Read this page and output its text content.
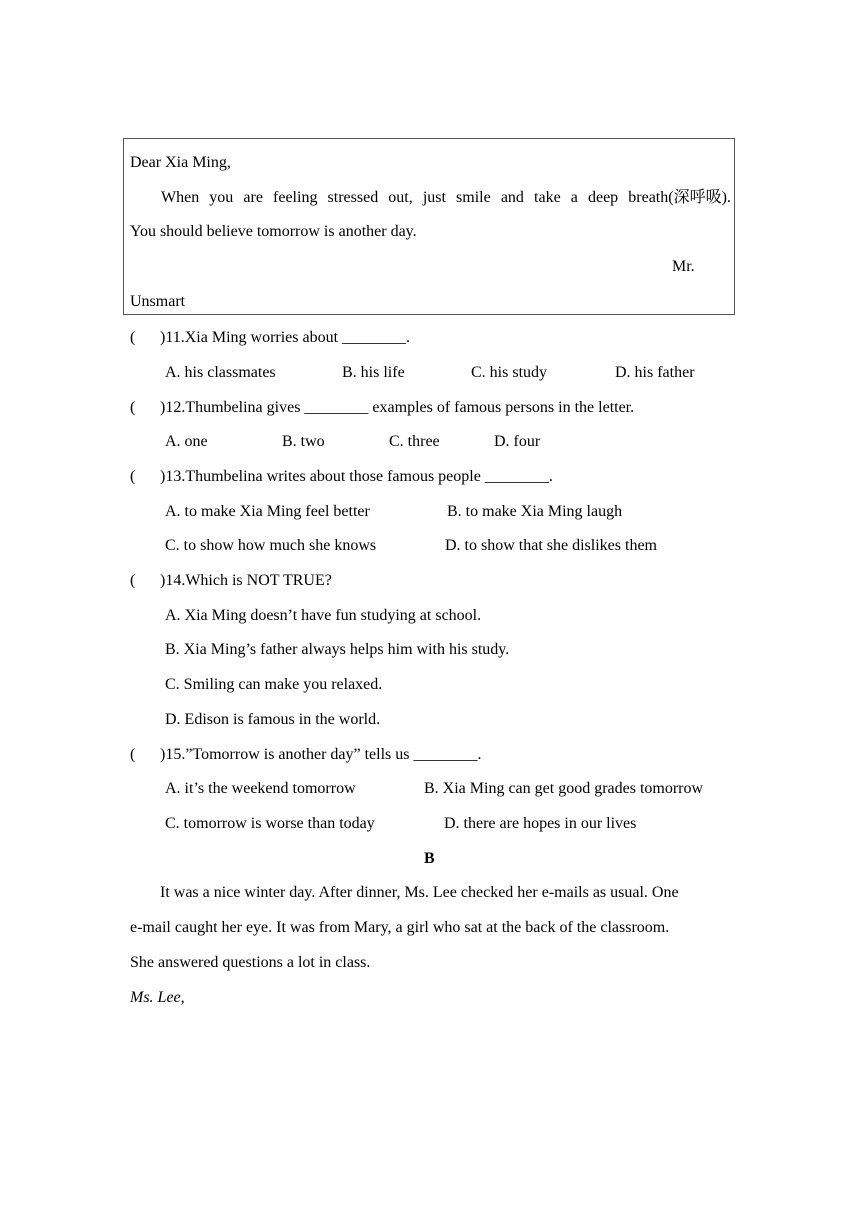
Dear Xia Ming,
When you are feeling stressed out, just smile and take a deep breath(深呼吸).
You should believe tomorrow is another day.
Mr.
Unsmart
( )11.Xia Ming worries about ________.
A. his classmates	B. his life	C. his study	D. his father
( )12.Thumbelina gives ________ examples of famous persons in the letter.
A. one	B. two	C. three	D. four
( )13.Thumbelina writes about those famous people ________.
A. to make Xia Ming feel better	B. to make Xia Ming laugh
C. to show how much she knows	D. to show that she dislikes them
( )14.Which is NOT TRUE?
A. Xia Ming doesn’t have fun studying at school.
B. Xia Ming’s father always helps him with his study.
C. Smiling can make you relaxed.
D. Edison is famous in the world.
( )15.”Tomorrow is another day” tells us ________.
A. it’s the weekend tomorrow	B. Xia Ming can get good grades tomorrow
C. tomorrow is worse than today	D. there are hopes in our lives
B
It was a nice winter day. After dinner, Ms. Lee checked her e-mails as usual. One
e-mail caught her eye. It was from Mary, a girl who sat at the back of the classroom.
She answered questions a lot in class.
Ms. Lee,
